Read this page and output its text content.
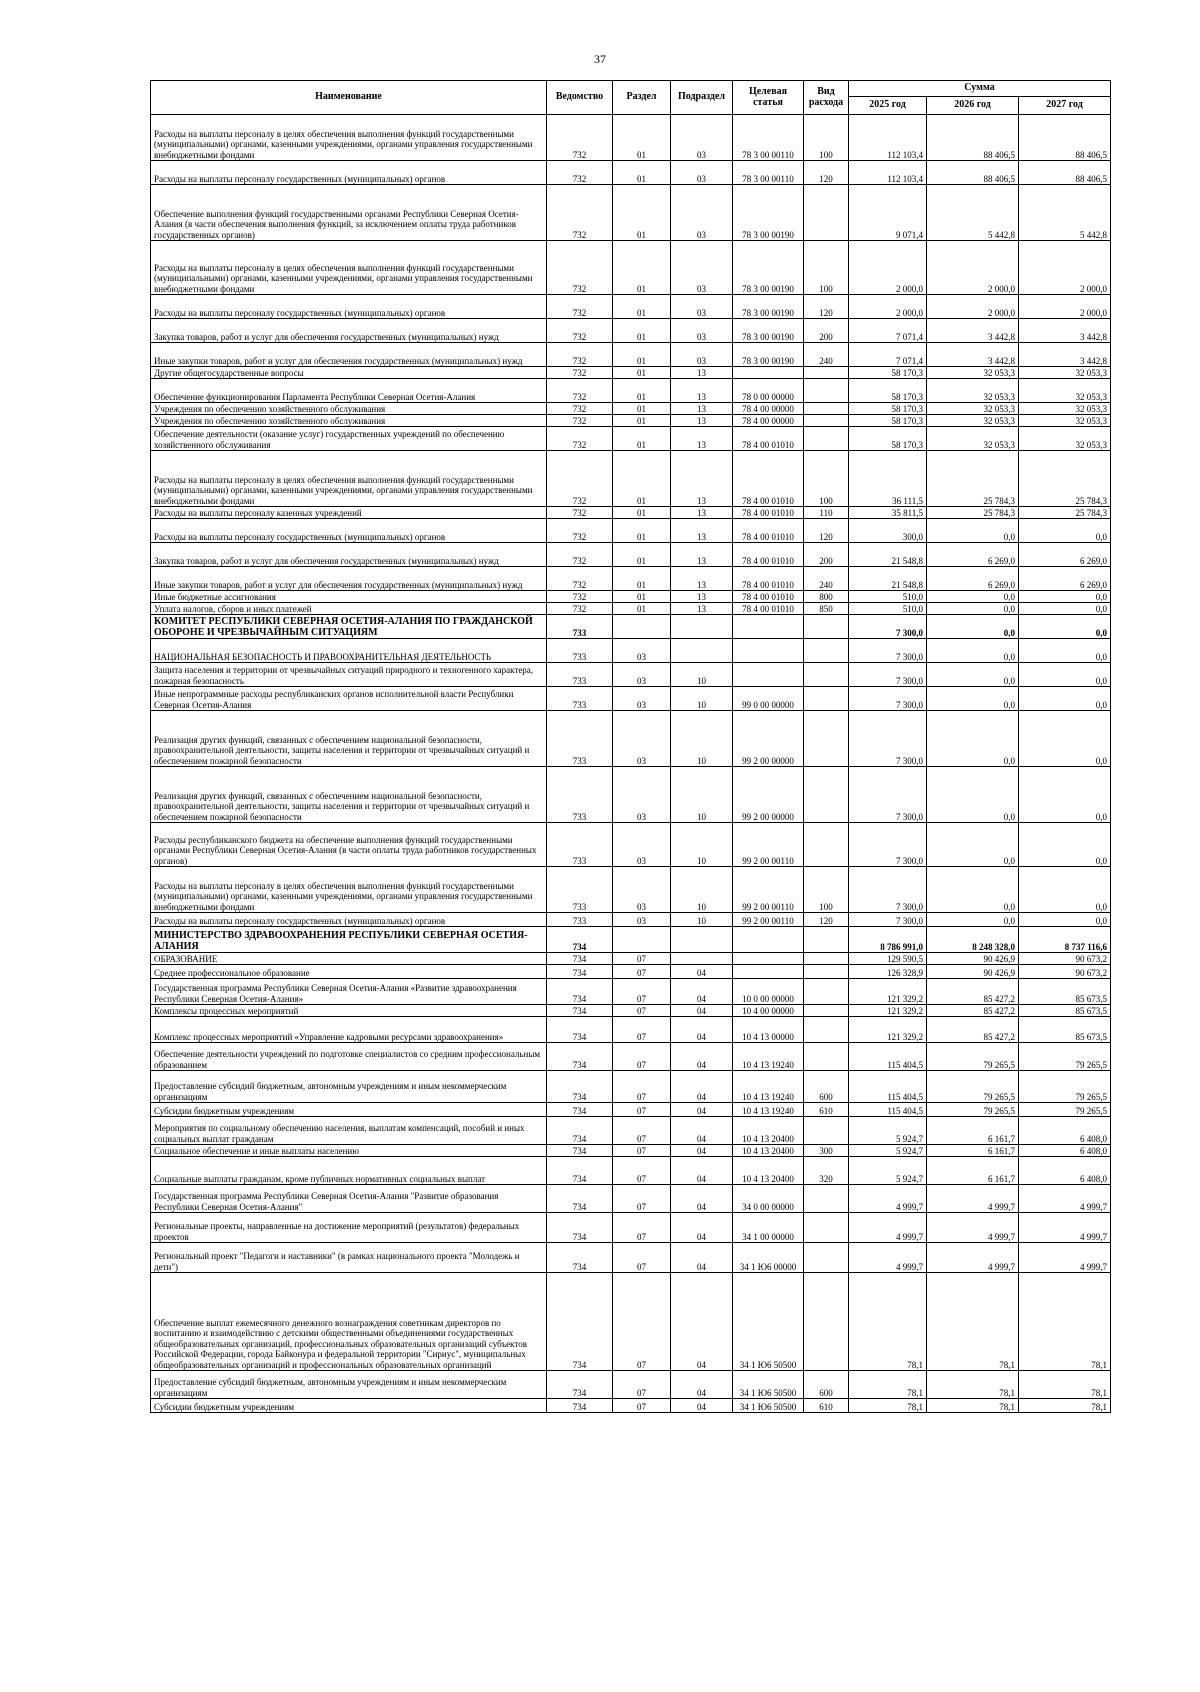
37
Наименование	Ведомство	Раздел	Подраздел	Целевая статья	Вид расхода	Сумма		
						2025 год	2026 год	2027 год
Расходы на выплаты персоналу в целях обеспечения выполнения функций государственными (муниципальными) органами, казенными учреждениями, органами управления государственными внебюджетными фондами	732	01	03	78 3 00 00110	100	112 103,4	88 406,5	88 406,5
Расходы на выплаты персоналу государственных (муниципальных) органов	732	01	03	78 3 00 00110	120	112 103,4	88 406,5	88 406,5
Обеспечение выполнения функций государственными органами Республики Северная Осетия-Алания (в части обеспечения выполнения функций, за исключением оплаты труда работников государственных органов)	732	01	03	78 3 00 00190		9 071,4	5 442,8	5 442,8
Расходы на выплаты персоналу в целях обеспечения выполнения функций государственными (муниципальными) органами, казенными учреждениями, органами управления государственными внебюджетными фондами	732	01	03	78 3 00 00190	100	2 000,0	2 000,0	2 000,0
Расходы на выплаты персоналу государственных (муниципальных) органов	732	01	03	78 3 00 00190	120	2 000,0	2 000,0	2 000,0
Закупка товаров, работ и услуг для обеспечения государственных (муниципальных) нужд	732	01	03	78 3 00 00190	200	7 071,4	3 442,8	3 442,8
Иные закупки товаров, работ и услуг для обеспечения государственных (муниципальных) нужд	732	01	03	78 3 00 00190	240	7 071,4	3 442,8	3 442,8
Другие общегосударственные вопросы	732	01	13			58 170,3	32 053,3	32 053,3
Обеспечение функционирования Парламента Республики Северная Осетия-Алания	732	01	13	78 0 00 00000		58 170,3	32 053,3	32 053,3
Учреждения по обеспечению хозяйственного обслуживания	732	01	13	78 4 00 00000		58 170,3	32 053,3	32 053,3
Учреждения по обеспечению хозяйственного обслуживания	732	01	13	78 4 00 00000		58 170,3	32 053,3	32 053,3
Обеспечение деятельности (оказание услуг) государственных учреждений по обеспечению хозяйственного обслуживания	732	01	13	78 4 00 01010		58 170,3	32 053,3	32 053,3
Расходы на выплаты персоналу в целях обеспечения выполнения функций государственными (муниципальными) органами, казенными учреждениями, органами управления государственными внебюджетными фондами	732	01	13	78 4 00 01010	100	36 111,5	25 784,3	25 784,3
Расходы на выплаты персоналу казенных учреждений	732	01	13	78 4 00 01010	110	35 811,5	25 784,3	25 784,3
Расходы на выплаты персоналу государственных (муниципальных) органов	732	01	13	78 4 00 01010	120	300,0	0,0	0,0
Закупка товаров, работ и услуг для обеспечения государственных (муниципальных) нужд	732	01	13	78 4 00 01010	200	21 548,8	6 269,0	6 269,0
Иные закупки товаров, работ и услуг для обеспечения государственных (муниципальных) нужд	732	01	13	78 4 00 01010	240	21 548,8	6 269,0	6 269,0
Иные бюджетные ассигнования	732	01	13	78 4 00 01010	800	510,0	0,0	0,0
Уплата налогов, сборов и иных платежей	732	01	13	78 4 00 01010	850	510,0	0,0	0,0
КОМИТЕТ РЕСПУБЛИКИ СЕВЕРНАЯ ОСЕТИЯ-АЛАНИЯ ПО ГРАЖДАНСКОЙ ОБОРОНЕ И ЧРЕЗВЫЧАЙНЫМ СИТУАЦИЯМ	733					7 300,0	0,0	0,0
НАЦИОНАЛЬНАЯ БЕЗОПАСНОСТЬ И ПРАВООХРАНИТЕЛЬНАЯ ДЕЯТЕЛЬНОСТЬ	733	03				7 300,0	0,0	0,0
Защита населения и территории от чрезвычайных ситуаций природного и техногенного характера, пожарная безопасность	733	03	10			7 300,0	0,0	0,0
Иные непрограммные расходы республиканских органов исполнительной власти Республики Северная Осетия-Алания	733	03	10	99 0 00 00000		7 300,0	0,0	0,0
Реализация других функций, связанных с обеспечением национальной безопасности, правоохранительной деятельности, защиты населения и территории от чрезвычайных ситуаций и обеспечением пожарной безопасности	733	03	10	99 2 00 00000		7 300,0	0,0	0,0
Реализация других функций, связанных с обеспечением национальной безопасности, правоохранительной деятельности, защиты населения и территории от чрезвычайных ситуаций и обеспечением пожарной безопасности	733	03	10	99 2 00 00000		7 300,0	0,0	0,0
Расходы республиканского бюджета на обеспечение выполнения функций государственными органами Республики Северная Осетия-Алания (в части оплаты труда работников государственных органов)	733	03	10	99 2 00 00110		7 300,0	0,0	0,0
Расходы на выплаты персоналу в целях обеспечения выполнения функций государственными (муниципальными) органами, казенными учреждениями, органами управления государственными внебюджетными фондами	733	03	10	99 2 00 00110	100	7 300,0	0,0	0,0
Расходы на выплаты персоналу государственных (муниципальных) органов	733	03	10	99 2 00 00110	120	7 300,0	0,0	0,0
МИНИСТЕРСТВО ЗДРАВООХРАНЕНИЯ РЕСПУБЛИКИ СЕВЕРНАЯ ОСЕТИЯ-АЛАНИЯ	734					8 786 991,0	8 248 328,0	8 737 116,6
ОБРАЗОВАНИЕ	734	07				129 590,5	90 426,9	90 673,2
Среднее профессиональное образование	734	07	04			126 328,9	90 426,9	90 673,2
Государственная программа Республики Северная Осетия-Алания «Развитие здравоохранения Республики Северная Осетия-Алания»	734	07	04	10 0 00 00000		121 329,2	85 427,2	85 673,5
Комплексы процессных мероприятий	734	07	04	10 4 00 00000		121 329,2	85 427,2	85 673,5
Комплекс процессных мероприятий «Управление кадровыми ресурсами здравоохранения»	734	07	04	10 4 13 00000		121 329,2	85 427,2	85 673,5
Обеспечение деятельности учреждений по подготовке специалистов со средним профессиональным образованием	734	07	04	10 4 13 19240		115 404,5	79 265,5	79 265,5
Предоставление субсидий бюджетным, автономным учреждениям и иным некоммерческим организациям	734	07	04	10 4 13 19240	600	115 404,5	79 265,5	79 265,5
Субсидии бюджетным учреждениям	734	07	04	10 4 13 19240	610	115 404,5	79 265,5	79 265,5
Мероприятия по социальному обеспечению населения, выплатам компенсаций, пособий и иных социальных выплат гражданам	734	07	04	10 4 13 20400		5 924,7	6 161,7	6 408,0
Социальное обеспечение и иные выплаты населению	734	07	04	10 4 13 20400	300	5 924,7	6 161,7	6 408,0
Социальные выплаты гражданам, кроме публичных нормативных социальных выплат	734	07	04	10 4 13 20400	320	5 924,7	6 161,7	6 408,0
Государственная программа Республики Северная Осетия-Алания "Развитие образования Республики Северная Осетия-Алания"	734	07	04	34 0 00 00000		4 999,7	4 999,7	4 999,7
Региональные проекты, направленные на достижение мероприятий (результатов) федеральных проектов	734	07	04	34 1 00 00000		4 999,7	4 999,7	4 999,7
Региональный проект "Педагоги и наставники" (в рамках национального проекта "Молодежь и дети")	734	07	04	34 1 Ю6 00000		4 999,7	4 999,7	4 999,7
Обеспечение выплат ежемесячного денежного вознаграждения советникам директоров по воспитанию и взаимодействию с детскими общественными объединениями государственных общеобразовательных организаций, профессиональных образовательных организаций субъектов Российской Федерации, города Байконура и федеральной территории "Сириус", муниципальных общеобразовательных организаций и профессиональных образовательных организаций	734	07	04	34 1 Ю6 50500		78,1	78,1	78,1
Предоставление субсидий бюджетным, автономным учреждениям и иным некоммерческим организациям	734	07	04	34 1 Ю6 50500	600	78,1	78,1	78,1
Субсидии бюджетным учреждениям	734	07	04	34 1 Ю6 50500	610	78,1	78,1	78,1
